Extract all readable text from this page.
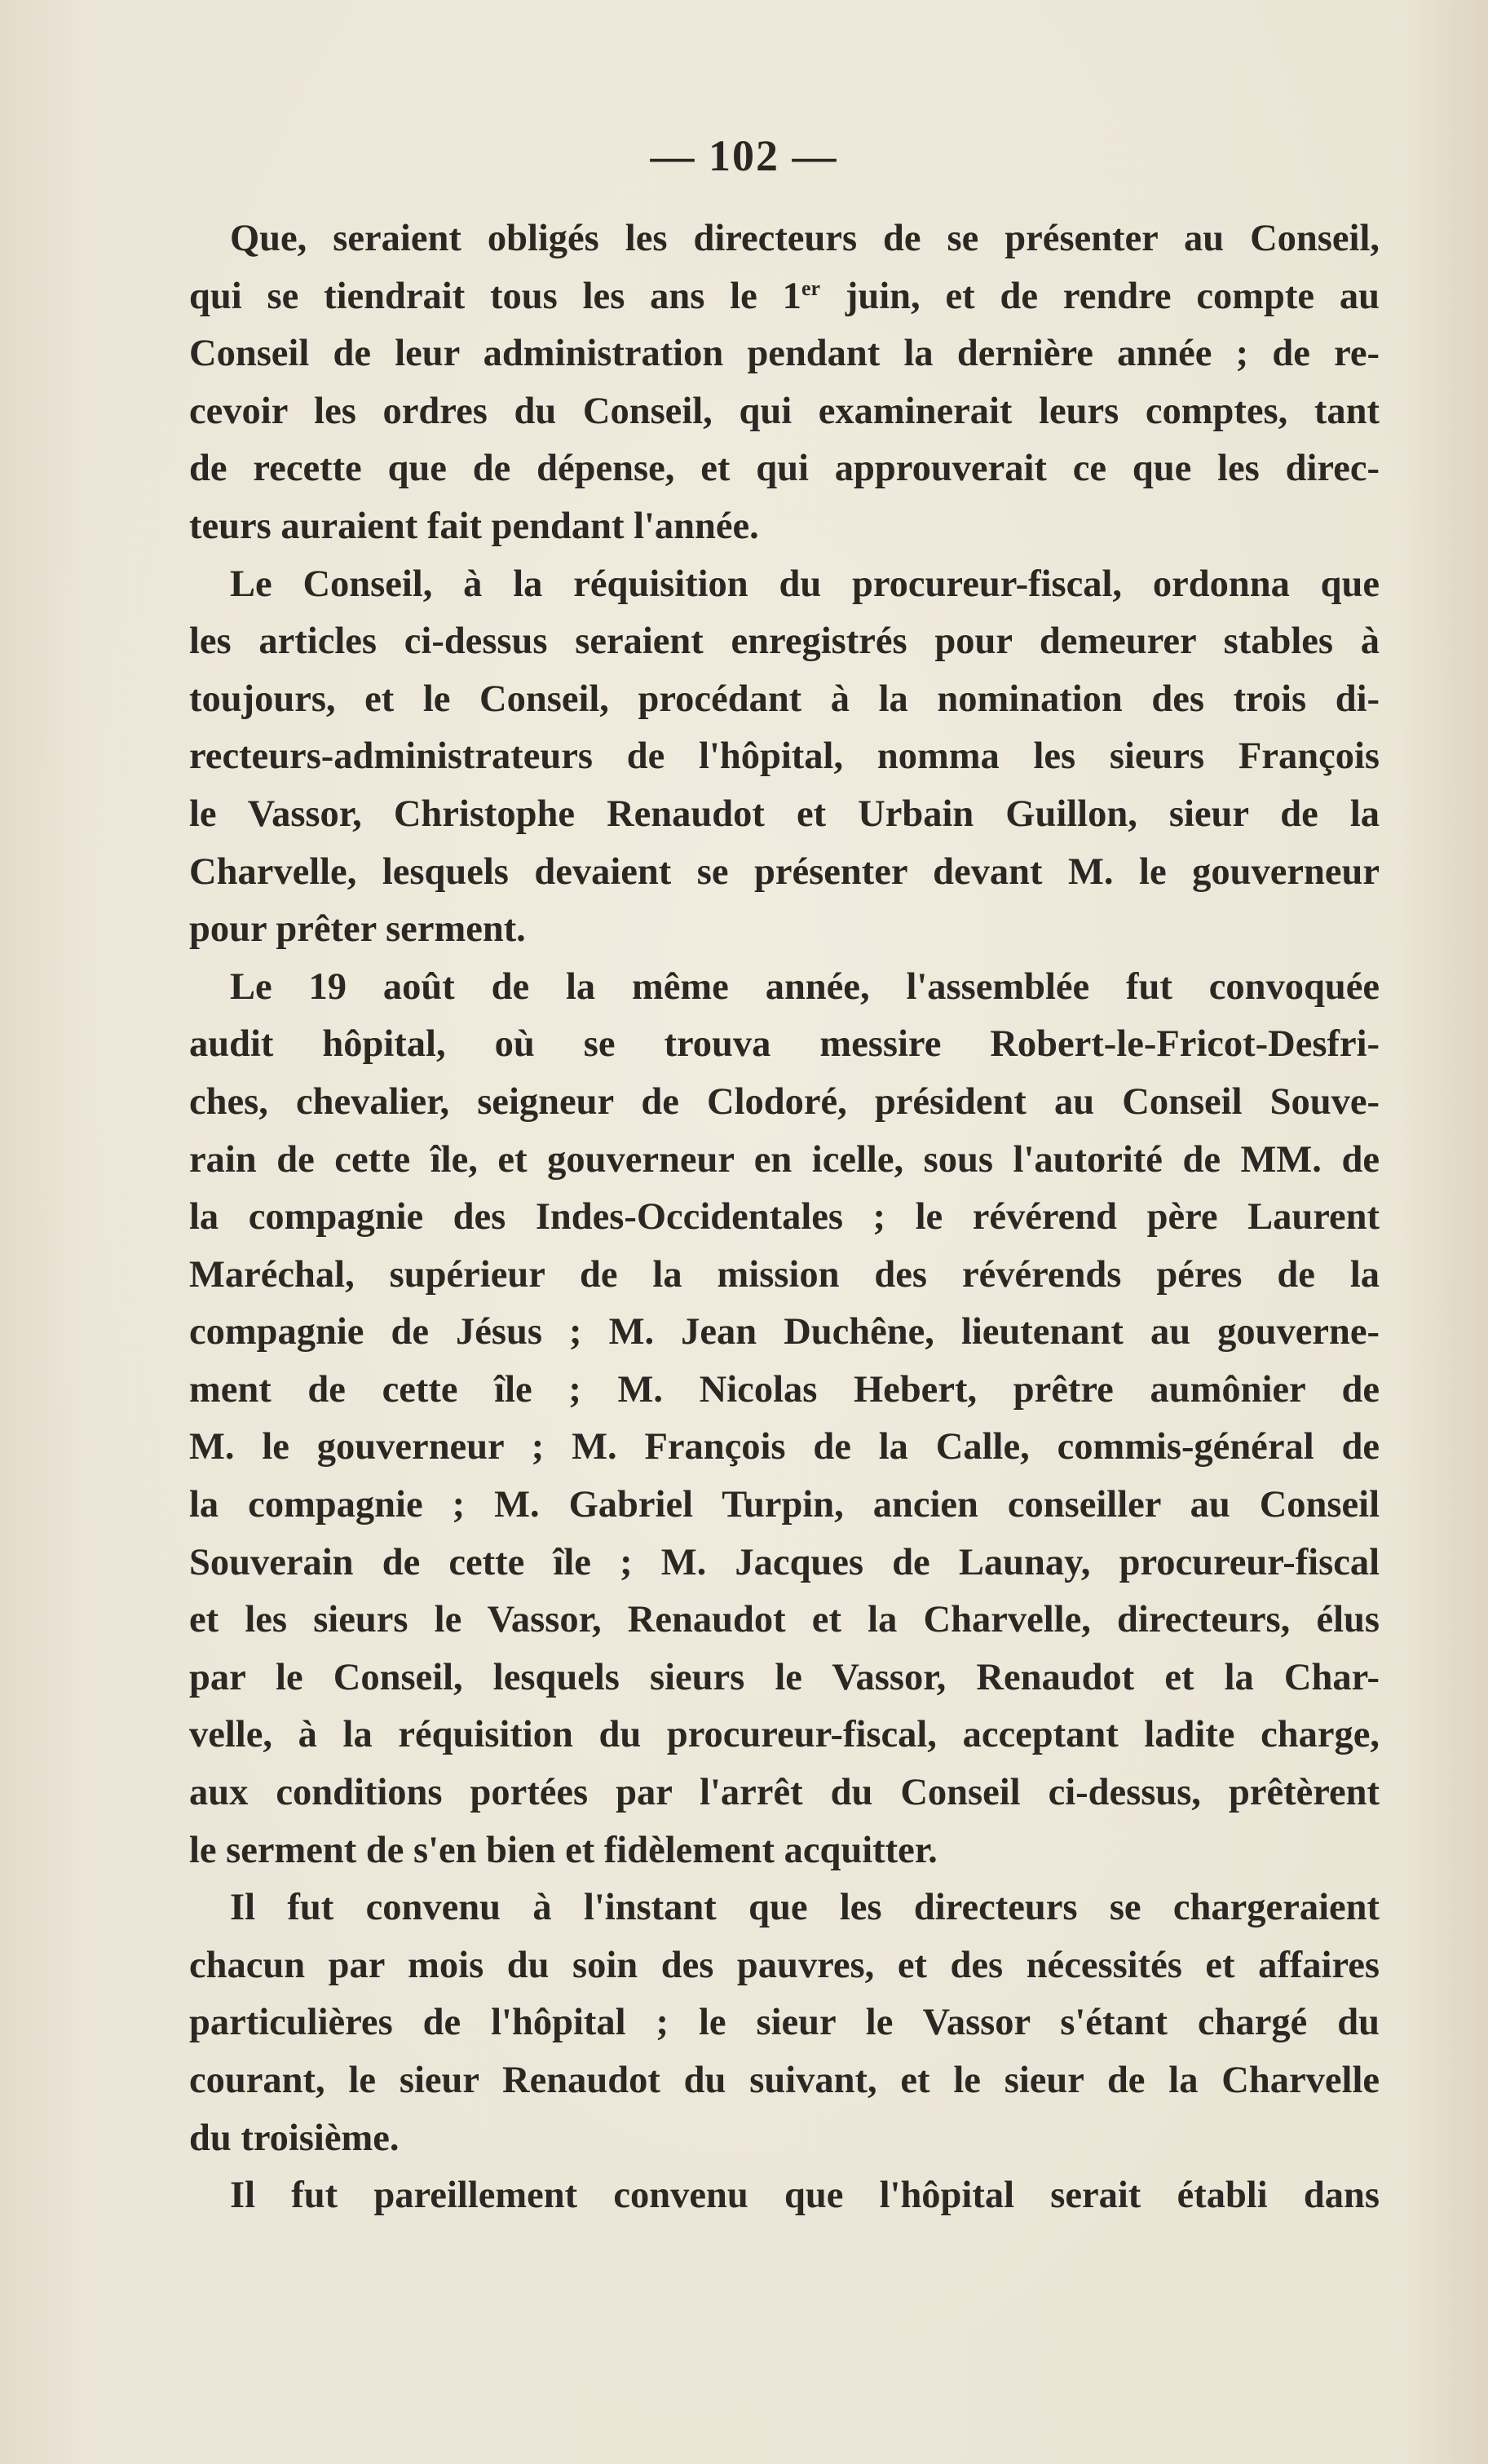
— 102 —
Que, seraient obligés les directeurs de se présenter au Conseil,
qui se tiendrait tous les ans le 1er juin, et de rendre compte au
Conseil de leur administration pendant la dernière année ; de re-
cevoir les ordres du Conseil, qui examinerait leurs comptes, tant
de recette que de dépense, et qui approuverait ce que les direc-
teurs auraient fait pendant l'année.
Le Conseil, à la réquisition du procureur-fiscal, ordonna que
les articles ci-dessus seraient enregistrés pour demeurer stables à
toujours, et le Conseil, procédant à la nomination des trois di-
recteurs-administrateurs de l'hôpital, nomma les sieurs François
le Vassor, Christophe Renaudot et Urbain Guillon, sieur de la
Charvelle, lesquels devaient se présenter devant M. le gouverneur
pour prêter serment.
Le 19 août de la même année, l'assemblée fut convoquée
audit hôpital, où se trouva messire Robert-le-Fricot-Desfri-
ches, chevalier, seigneur de Clodoré, président au Conseil Souve-
rain de cette île, et gouverneur en icelle, sous l'autorité de MM. de
la compagnie des Indes-Occidentales ; le révérend père Laurent
Maréchal, supérieur de la mission des révérends péres de la
compagnie de Jésus ; M. Jean Duchêne, lieutenant au gouverne-
ment de cette île ; M. Nicolas Hebert, prêtre aumônier de
M. le gouverneur ; M. François de la Calle, commis-général de
la compagnie ; M. Gabriel Turpin, ancien conseiller au Conseil
Souverain de cette île ; M. Jacques de Launay, procureur-fiscal
et les sieurs le Vassor, Renaudot et la Charvelle, directeurs, élus
par le Conseil, lesquels sieurs le Vassor, Renaudot et la Char-
velle, à la réquisition du procureur-fiscal, acceptant ladite charge,
aux conditions portées par l'arrêt du Conseil ci-dessus, prêtèrent
le serment de s'en bien et fidèlement acquitter.
Il fut convenu à l'instant que les directeurs se chargeraient
chacun par mois du soin des pauvres, et des nécessités et affaires
particulières de l'hôpital ; le sieur le Vassor s'étant chargé du
courant, le sieur Renaudot du suivant, et le sieur de la Charvelle
du troisième.
Il fut pareillement convenu que l'hôpital serait établi dans
